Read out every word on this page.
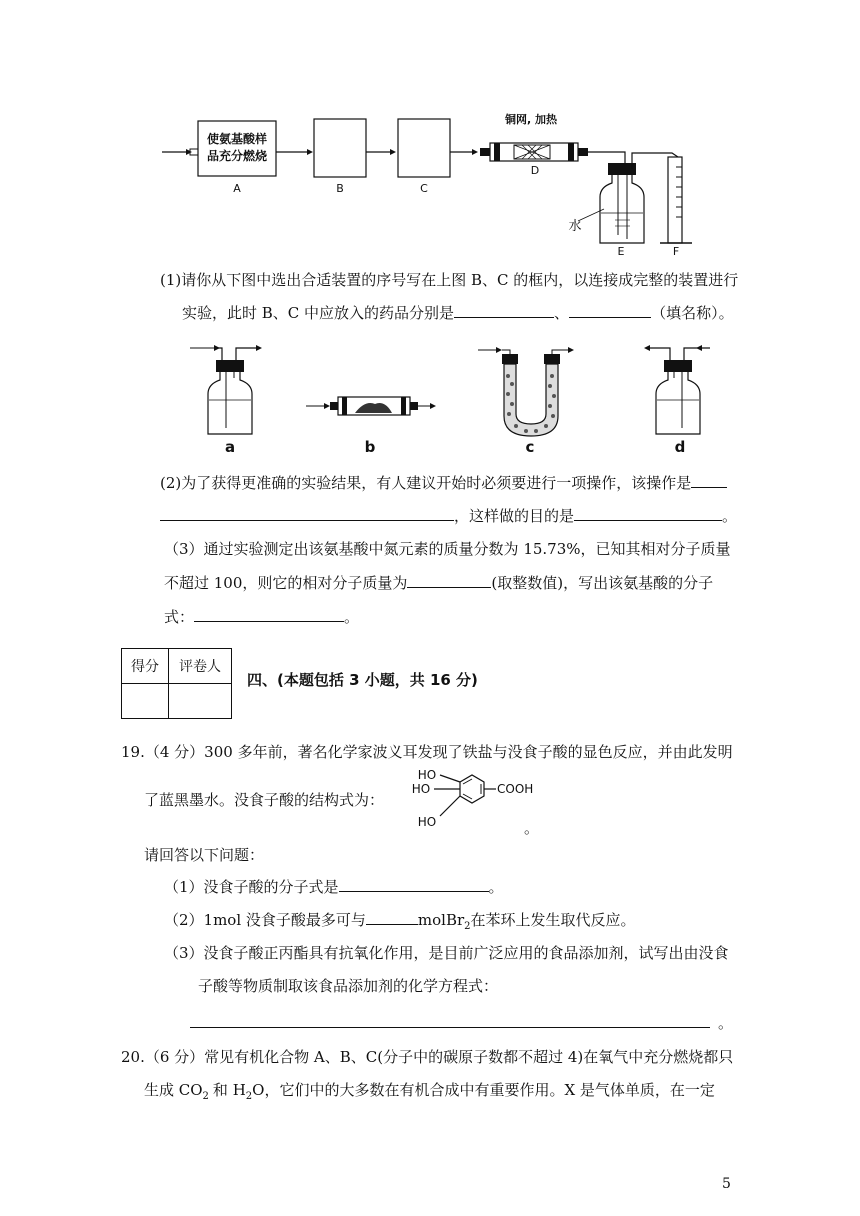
使氨基酸样
品充分燃烧
A	B	C
D
E	F
铜网, 加热
水
(1)请你从下图中选出合适装置的序号写在上图 B、C 的框内，以连接成完整的装置进行
实验，此时 B、C 中应放入的药品分别是	、	（填名称）。
a	b	c	d
(2)为了获得更准确的实验结果，有人建议开始时必须要进行一项操作，该操作是
，这样做的目的是	。
（3）通过实验测定出该氨基酸中氮元素的质量分数为 15.73%，已知其相对分子质量
不超过 100，则它的相对分子质量为	(取整数值)，写出该氨基酸的分子
式：	。
得分	评卷人

四、(本题包括 3 小题，共 16 分)
19.（4 分）300 多年前，著名化学家波义耳发现了铁盐与没食子酸的显色反应，并由此发明
了蓝黑墨水。没食子酸的结构式为：
HO
HO
HO
COOH
。
请回答以下问题：
（1）没食子酸的分子式是	。
（2）1mol 没食子酸最多可与	molBr$_2$在苯环上发生取代反应。
（3）没食子酸正丙酯具有抗氧化作用，是目前广泛应用的食品添加剂，试写出由没食
子酸等物质制取该食品添加剂的化学方程式：
。
20.（6 分）常见有机化合物 A、B、C(分子中的碳原子数都不超过 4)在氧气中充分燃烧都只
生成 $CO_2$ 和 $H_2O$，它们中的大多数在有机合成中有重要作用。X 是气体单质，在一定
5
